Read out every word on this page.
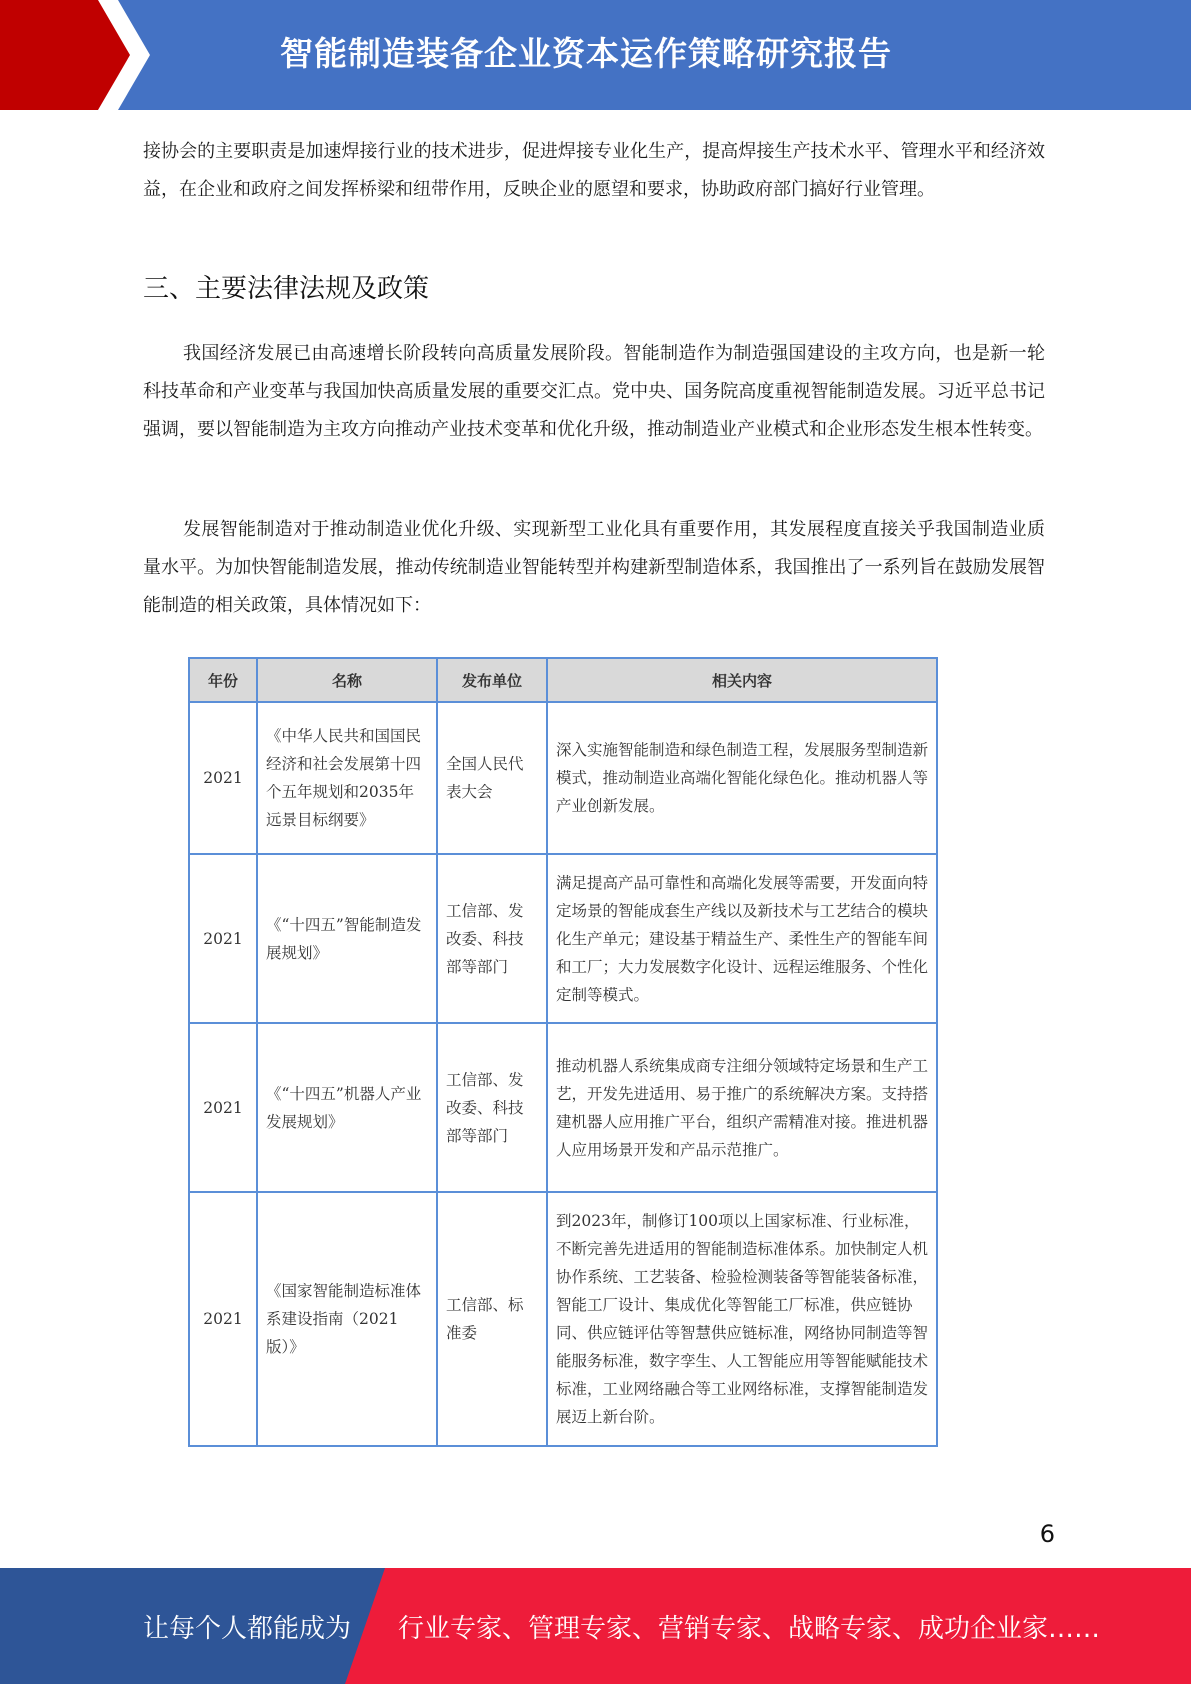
智能制造装备企业资本运作策略研究报告

接协会的主要职责是加速焊接行业的技术进步，促进焊接专业化生产，提高焊接生产技术水平、管理水平和经济效益，在企业和政府之间发挥桥梁和纽带作用，反映企业的愿望和要求，协助政府部门搞好行业管理。

三、主要法律法规及政策

我国经济发展已由高速增长阶段转向高质量发展阶段。智能制造作为制造强国建设的主攻方向，也是新一轮科技革命和产业变革与我国加快高质量发展的重要交汇点。党中央、国务院高度重视智能制造发展。习近平总书记强调，要以智能制造为主攻方向推动产业技术变革和优化升级，推动制造业产业模式和企业形态发生根本性转变。

发展智能制造对于推动制造业优化升级、实现新型工业化具有重要作用，其发展程度直接关乎我国制造业质量水平。为加快智能制造发展，推动传统制造业智能转型并构建新型制造体系，我国推出了一系列旨在鼓励发展智能制造的相关政策，具体情况如下：

年份	名称	发布单位	相关内容
2021	《中华人民共和国国民经济和社会发展第十四个五年规划和2035年远景目标纲要》	全国人民代表大会	深入实施智能制造和绿色制造工程，发展服务型制造新模式，推动制造业高端化智能化绿色化。推动机器人等产业创新发展。
2021	《“十四五”智能制造发展规划》	工信部、发改委、科技部等部门	满足提高产品可靠性和高端化发展等需要，开发面向特定场景的智能成套生产线以及新技术与工艺结合的模块化生产单元；建设基于精益生产、柔性生产的智能车间和工厂；大力发展数字化设计、远程运维服务、个性化定制等模式。
2021	《“十四五”机器人产业发展规划》	工信部、发改委、科技部等部门	推动机器人系统集成商专注细分领域特定场景和生产工艺，开发先进适用、易于推广的系统解决方案。支持搭建机器人应用推广平台，组织产需精准对接。推进机器人应用场景开发和产品示范推广。
2021	《国家智能制造标准体系建设指南（2021版）》	工信部、标准委	到2023年，制修订100项以上国家标准、行业标准，不断完善先进适用的智能制造标准体系。加快制定人机协作系统、工艺装备、检验检测装备等智能装备标准，智能工厂设计、集成优化等智能工厂标准，供应链协同、供应链评估等智慧供应链标准，网络协同制造等智能服务标准，数字孪生、人工智能应用等智能赋能技术标准，工业网络融合等工业网络标准，支撑智能制造发展迈上新台阶。
6
让每个人都能成为 行业专家、管理专家、营销专家、战略专家、成功企业家……
